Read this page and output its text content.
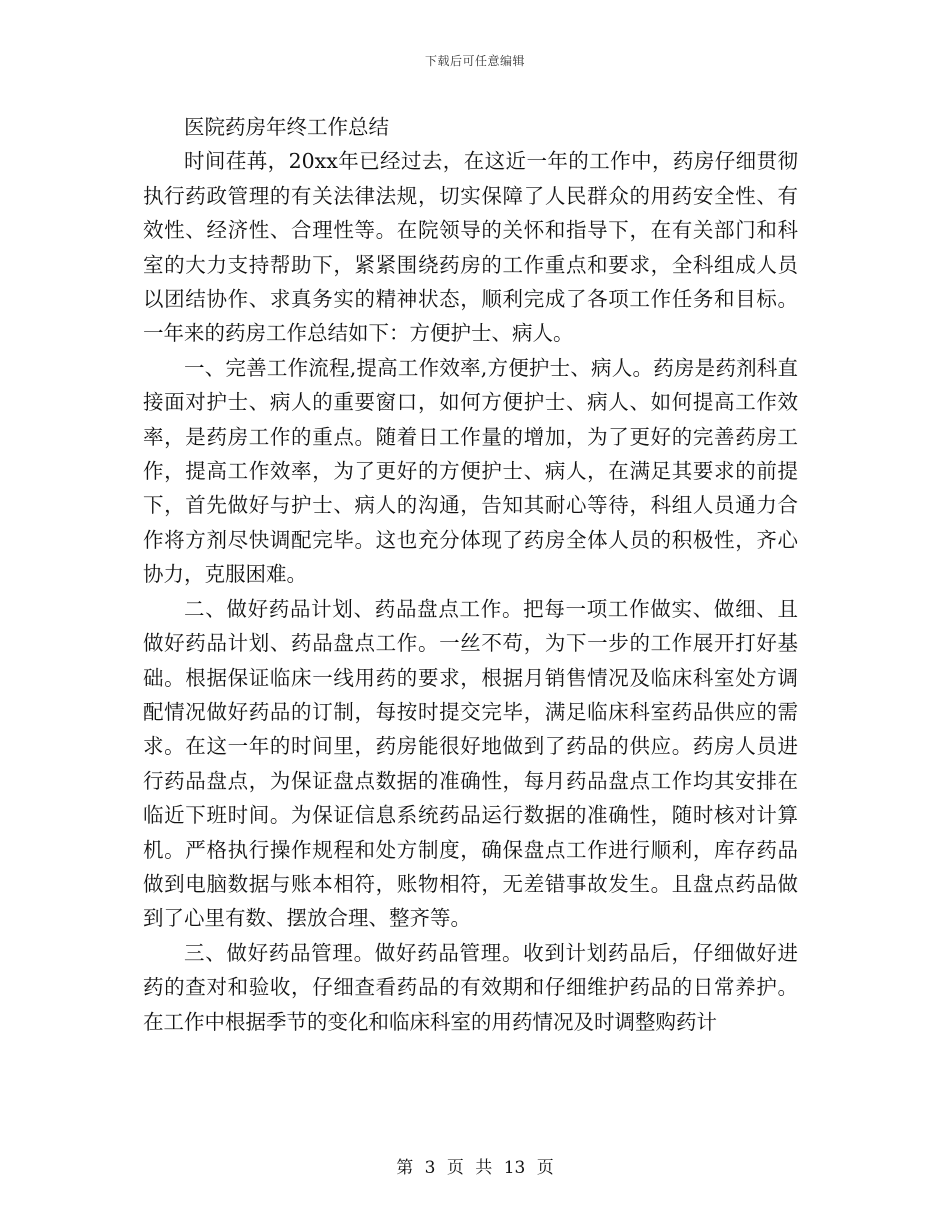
下载后可任意编辑

医院药房年终工作总结

时间荏苒，20xx年已经过去，在这近一年的工作中，药房仔细贯彻执行药政管理的有关法律法规，切实保障了人民群众的用药安全性、有效性、经济性、合理性等。在院领导的关怀和指导下，在有关部门和科室的大力支持帮助下，紧紧围绕药房的工作重点和要求，全科组成人员以团结协作、求真务实的精神状态，顺利完成了各项工作任务和目标。一年来的药房工作总结如下：方便护士、病人。

一、完善工作流程,提高工作效率,方便护士、病人。药房是药剂科直接面对护士、病人的重要窗口，如何方便护士、病人、如何提高工作效率，是药房工作的重点。随着日工作量的增加，为了更好的完善药房工作，提高工作效率，为了更好的方便护士、病人，在满足其要求的前提下，首先做好与护士、病人的沟通，告知其耐心等待，科组人员通力合作将方剂尽快调配完毕。这也充分体现了药房全体人员的积极性，齐心协力，克服困难。

二、做好药品计划、药品盘点工作。把每一项工作做实、做细、且做好药品计划、药品盘点工作。一丝不苟，为下一步的工作展开打好基础。根据保证临床一线用药的要求，根据月销售情况及临床科室处方调配情况做好药品的订制，每按时提交完毕，满足临床科室药品供应的需求。在这一年的时间里，药房能很好地做到了药品的供应。药房人员进行药品盘点，为保证盘点数据的准确性，每月药品盘点工作均其安排在临近下班时间。为保证信息系统药品运行数据的准确性，随时核对计算机。严格执行操作规程和处方制度，确保盘点工作进行顺利，库存药品做到电脑数据与账本相符，账物相符，无差错事故发生。且盘点药品做到了心里有数、摆放合理、整齐等。

三、做好药品管理。做好药品管理。收到计划药品后，仔细做好进药的查对和验收，仔细查看药品的有效期和仔细维护药品的日常养护。在工作中根据季节的变化和临床科室的用药情况及时调整购药计

第 3 页 共 13 页
